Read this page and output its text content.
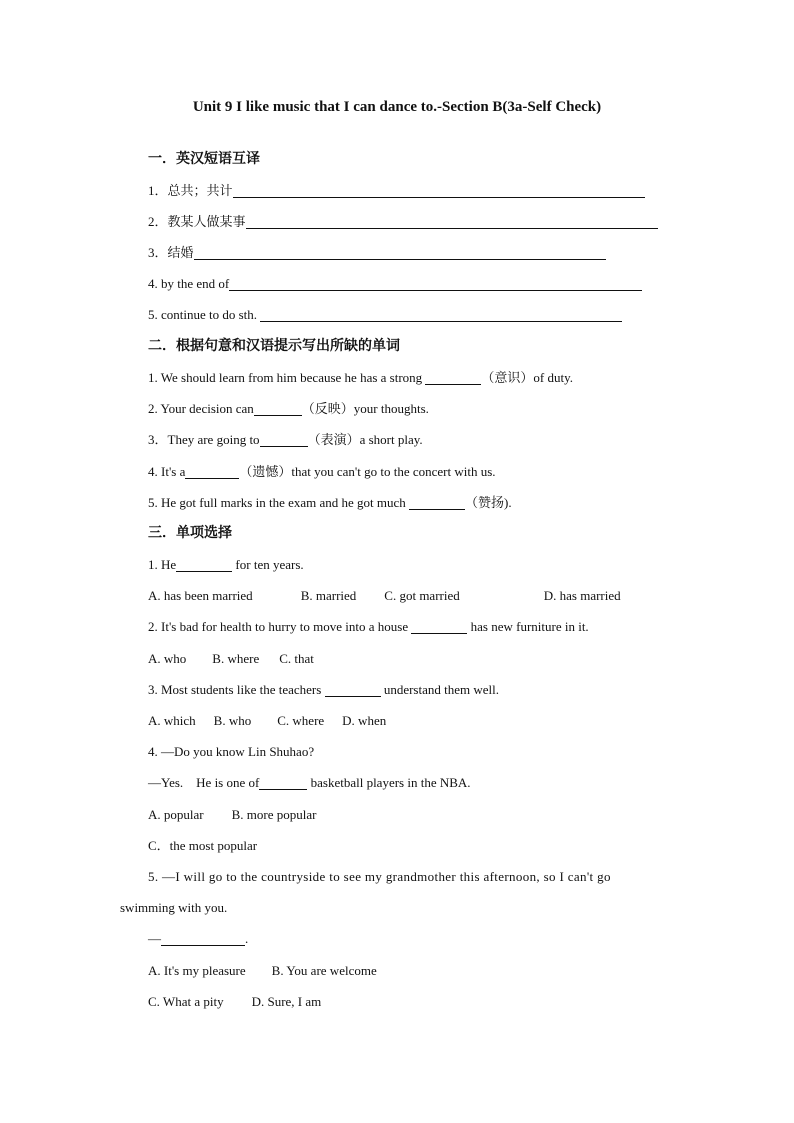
Unit 9 I like music that I can dance to.-Section B(3a-Self Check)
一．英汉短语互译
1．总共；共计
2．教某人做某事
3．结婚
4. by the end of
5. continue to do sth.
二．根据句意和汉语提示写出所缺的单词
1. We should learn from him because he has a strong	（意识）of duty.
2. Your decision can	（反映）your thoughts.
3．They are going to	（表演）a short play.
4. It's a	（遗憾）that you can't go to the concert with us.
5. He got full marks in the exam and he got much	（赞扬).
三．单项选择
1. He	for ten years.
A. has been married	B. married C. got married	D. has married
2. It's bad for health to hurry to move into a house	has new furniture in it.
A. who B. where C. that
3. Most students like the teachers	understand them well.
A. which B. who C. where D. when
4. —Do you know Lin Shuhao?
—Yes.    He is one of	basketball players in the NBA.
A. popular B. more popular
C．the most popular
5. —I will go to the countryside to see my grandmother this afternoon, so I can't go
swimming with you.
—	.
A. It's my pleasure B. You are welcome
C. What a pity D. Sure, I am
